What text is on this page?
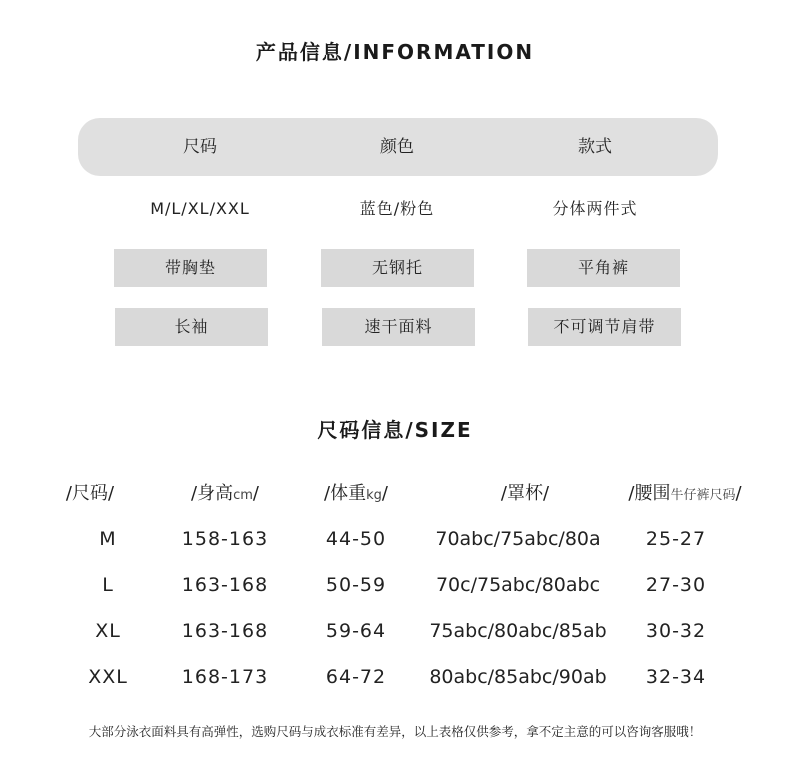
产品信息/INFORMATION
尺码	颜色	款式
M/L/XL/XXL	蓝色/粉色	分体两件式
带胸垫	无钢托	平角裤
长袖	速干面料	不可调节肩带
尺码信息/SIZE
/尺码/	/身高cm/	/体重kg/	/罩杯/	/腰围牛仔裤尺码/
M	158-163	44-50	70abc/75abc/80a	25-27
L	163-168	50-59	70c/75abc/80abc	27-30
XL	163-168	59-64	75abc/80abc/85ab	30-32
XXL	168-173	64-72	80abc/85abc/90ab	32-34
大部分泳衣面料具有高弹性，选购尺码与成衣标准有差异，以上表格仅供参考，拿不定主意的可以咨询客服哦！
